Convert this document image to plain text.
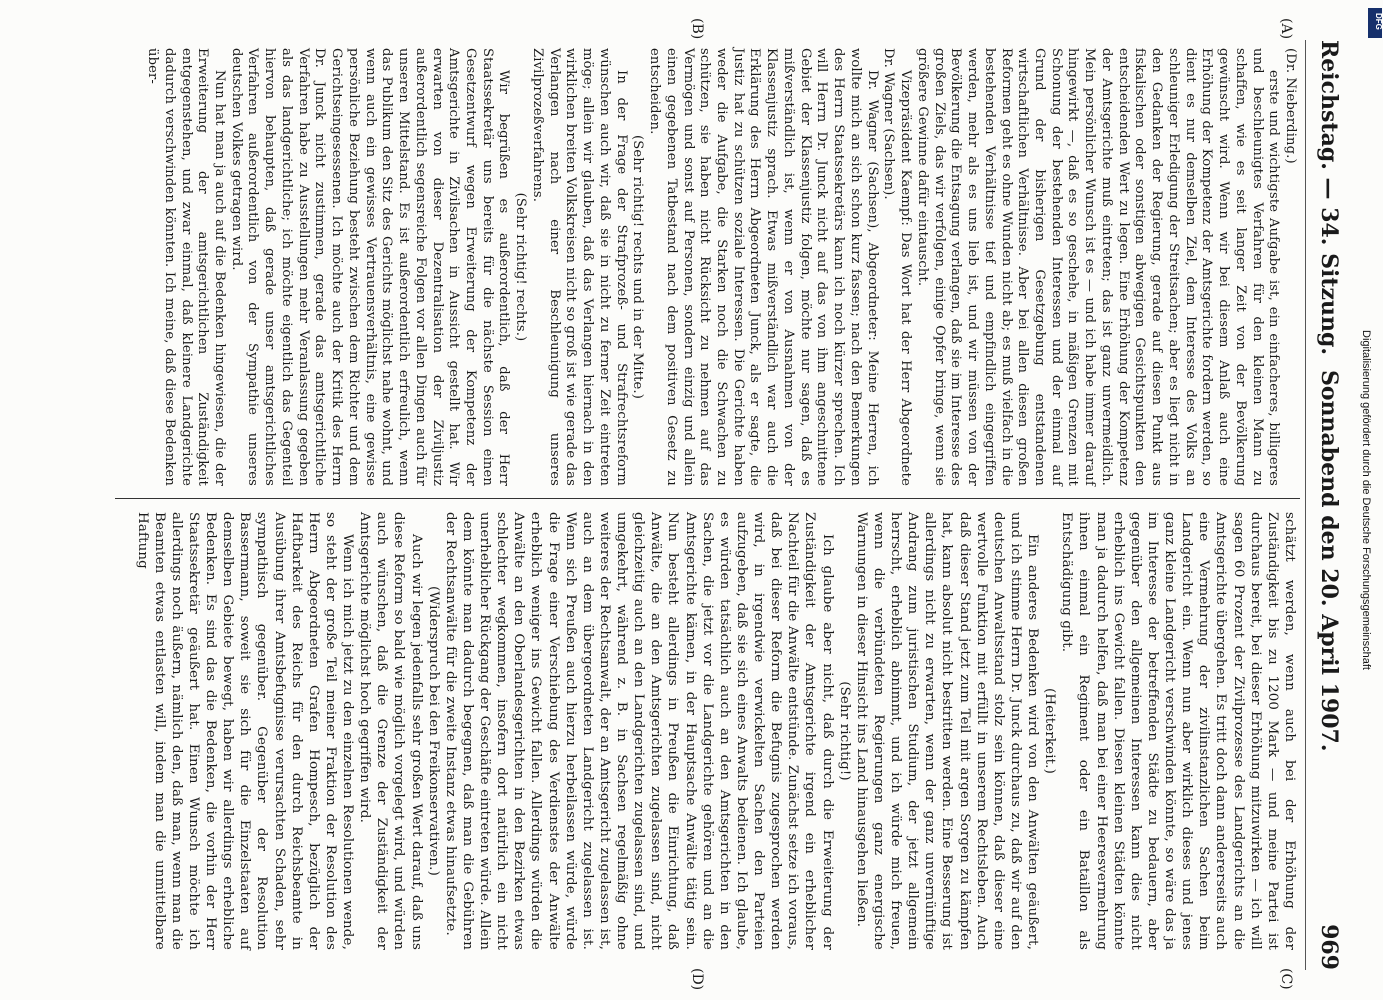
Reichstag. — 34. Sitzung.
Sonnabend den 20. April 1907.
969
(A)
(B)
(C)
(D)

(Dr. Nieberding.)

erste und wichtigste Aufgabe ist, ein einfacheres, billigeres und beschleunigtes Verfahren für den kleinen Mann zu schaffen, wie es seit langer Zeit von der Bevölkerung gewünscht wird. Wenn wir bei diesem Anlaß auch eine Erhöhung der Kompetenz der Amtsgerichte fordern werden, so dient es nur demselben Ziel, dem Interesse des Volks an schleuniger Erledigung der Streitsachen; aber es liegt nicht in den Gedanken der Regierung, gerade auf diesen Punkt aus fiskalischen oder sonstigen abwegigen Gesichtspunkten den entscheidenden Wert zu legen. Eine Erhöhung der Kompetenz der Amtsgerichte muß eintreten; das ist ganz unvermeidlich. Mein persönlicher Wunsch ist es — und ich habe immer darauf hingewirkt —, daß es so geschehe, in mäßigen Grenzen mit Schonung der bestehenden Interessen und der einmal auf Grund der bisherigen Gesetzgebung entstandenen wirtschaftlichen Verhältnisse. Aber bei allen diesen großen Reformen geht es ohne Wunden nicht ab; es muß vielfach in die bestehenden Verhältnisse tief und empfindlich eingegriffen werden, mehr als es uns lieb ist, und wir müssen von der Bevölkerung die Entsagung verlangen, daß sie im Interesse des großen Ziels, das wir verfolgen, einige Opfer bringe, wenn sie größere Gewinne dafür eintauscht.

Vizepräsident Kaempf: Das Wort hat der Herr Abgeordnete Dr. Wagner (Sachsen).

Dr. Wagner (Sachsen), Abgeordneter: Meine Herren, ich wollte mich an sich schon kurz fassen; nach den Bemerkungen des Herrn Staatssekretärs kann ich noch kürzer sprechen. Ich will Herrn Dr. Junck nicht auf das von ihm angeschnittene Gebiet der Klassenjustiz folgen, möchte nur sagen, daß es mißverständlich ist, wenn er von Ausnahmen von der Klassenjustiz sprach. Etwas mißverständlich war auch die Erklärung des Herrn Abgeordneten Junck, als er sagte, die Justiz hat zu schützen soziale Interessen. Die Gerichte haben weder die Aufgabe, die Starken noch die Schwachen zu schützen, sie haben nicht Rücksicht zu nehmen auf das Vermögen und sonst auf Personen, sondern einzig und allein einen gegebenen Tatbestand nach dem positiven Gesetz zu entscheiden.

(Sehr richtig! rechts und in der Mitte.)

In der Frage der Strafprozeß- und Strafrechtsreform wünschen auch wir, daß sie in nicht zu ferner Zeit eintreten möge; allein wir glauben, daß das Verlangen hiernach in den wirklichen breiten Volkskreisen nicht so groß ist wie gerade das Verlangen nach einer Beschleunigung unseres Zivilprozeßverfahrens.

(Sehr richtig! rechts.)

Wir begrüßen es außerordentlich, daß der Herr Staatssekretär uns bereits für die nächste Session einen Gesetzentwurf wegen Erweiterung der Kompetenz der Amtsgerichte in Zivilsachen in Aussicht gestellt hat. Wir erwarten von dieser Dezentralisation der Ziviljustiz außerordentlich segensreiche Folgen vor allen Dingen auch für unseren Mittelstand. Es ist außerordentlich erfreulich, wenn das Publikum den Sitz des Gerichts möglichst nahe wohnt, und wenn auch ein gewisses Vertrauensverhältnis, eine gewisse persönliche Beziehung besteht zwischen dem Richter und dem Gerichtseingesessenen. Ich möchte auch der Kritik des Herrn Dr. Junck nicht zustimmen, gerade das amtsgerichtliche Verfahren habe zu Ausstellungen mehr Veranlassung gegeben als das landgerichtliche; ich möchte eigentlich das Gegenteil hiervon behaupten, daß gerade unser amtsgerichtliches Verfahren außerordentlich von der Sympathie unseres deutschen Volkes getragen wird.

Nun hat man ja auch auf die Bedenken hingewiesen, die der Erweiterung der amtsgerichtlichen Zuständigkeit entgegenstehen, und zwar einmal, daß kleinere Landgerichte dadurch verschwinden könnten. Ich meine, daß diese Bedenken über-

schätzt werden, wenn auch bei der Erhöhung der Zuständigkeit bis zu 1200 Mark — und meine Partei ist durchaus bereit, bei dieser Erhöhung mitzuwirken — ich will sagen 60 Prozent der Zivilprozesse des Landgerichts an die Amtsgerichte übergehen. Es tritt doch dann andererseits auch eine Vermehrung der zivilinstanzlichen Sachen beim Landgericht ein. Wenn nun aber wirklich dieses und jenes ganz kleine Landgericht verschwinden könnte, so wäre das ja im Interesse der betreffenden Städte zu bedauern, aber gegenüber den allgemeinen Interessen kann dies nicht erheblich ins Gewicht fallen. Diesen kleinen Städten könnte man ja dadurch helfen, daß man bei einer Heeresvermehrung ihnen einmal ein Regiment oder ein Bataillon als Entschädigung gibt.

(Heiterkeit.)

Ein anderes Bedenken wird von den Anwälten geäußert, und ich stimme Herrn Dr. Junck durchaus zu, daß wir auf den deutschen Anwaltsstand stolz sein können, daß dieser eine wertvolle Funktion mit erfüllt in unserem Rechtsleben. Auch daß dieser Stand jetzt zum Teil mit argen Sorgen zu kämpfen hat, kann absolut nicht bestritten werden. Eine Besserung ist allerdings nicht zu erwarten, wenn der ganz unvernünftige Andrang zum juristischen Studium, der jetzt allgemein herrscht, erheblich abnimmt, und ich würde mich freuen, wenn die verbündeten Regierungen ganz energische Warnungen in dieser Hinsicht ins Land hinausgehen ließen.

(Sehr richtig!)

Ich glaube aber nicht, daß durch die Erweiterung der Zuständigkeit der Amtsgerichte irgend ein erheblicher Nachteil für die Anwälte entstünde. Zunächst setze ich voraus, daß bei dieser Reform die Befugnis zugesprochen werden wird, in irgendwie verwickelten Sachen den Parteien aufzugeben, daß sie sich eines Anwalts bedienen. Ich glaube, es würden tatsächlich auch an den Amtsgerichten in den Sachen, die jetzt vor die Landgerichte gehören und an die Amtsgerichte kämen, in der Hauptsache Anwälte tätig sein. Nun besteht allerdings in Preußen die Einrichtung, daß Anwälte, die an den Amtsgerichten zugelassen sind, nicht gleichzeitig auch an den Landgerichten zugelassen sind, und umgekehrt, während z. B. in Sachsen regelmäßig ohne weiteres der Rechtsanwalt, der an Amtsgericht zugelassen ist, auch an dem übergeordneten Landgericht zugelassen ist. Wenn sich Preußen auch hierzu herbeilassen würde, würde die Frage einer Verschiebung des Verdienstes der Anwälte erheblich weniger ins Gewicht fallen. Allerdings würden die Anwälte an den Oberlandesgerichten in den Bezirken etwas schlechter wegkommen, insofern dort natürlich ein nicht unerheblicher Rückgang der Geschäfte eintreten würde. Allein dem könnte man dadurch begegnen, daß man die Gebühren der Rechtsanwälte für die zweite Instanz etwas hinaufsetzte.

(Widerspruch bei den Freikonservativen.)

Auch wir legen jedenfalls sehr großen Wert darauf, daß uns diese Reform so bald wie möglich vorgelegt wird, und würden auch wünschen, daß die Grenze der Zuständigkeit der Amtsgerichte möglichst hoch gegriffen wird.

Wenn ich mich jetzt zu den einzelnen Resolutionen wende, so steht der große Teil meiner Fraktion der Resolution des Herrn Abgeordneten Grafen Hompesch, bezüglich der Haftbarkeit des Reichs für den durch Reichsbeamte in Ausübung ihrer Amtsbefugnisse verursachten Schaden, sehr sympathisch gegenüber. Gegenüber der Resolution Bassermann, soweit sie sich für die Einzelstaaten auf demselben Gebiete bewegt, haben wir allerdings erhebliche Bedenken. Es sind das die Bedenken, die vorhin der Herr Staatssekretär geäußert hat. Einen Wunsch möchte ich allerdings noch äußern, nämlich den, daß man, wenn man die Beamten etwas entlasten will, indem man die unmittelbare Haftung	Digitalisierung gefördert durch die Deutsche Forschungsgemeinschaft
DFG
